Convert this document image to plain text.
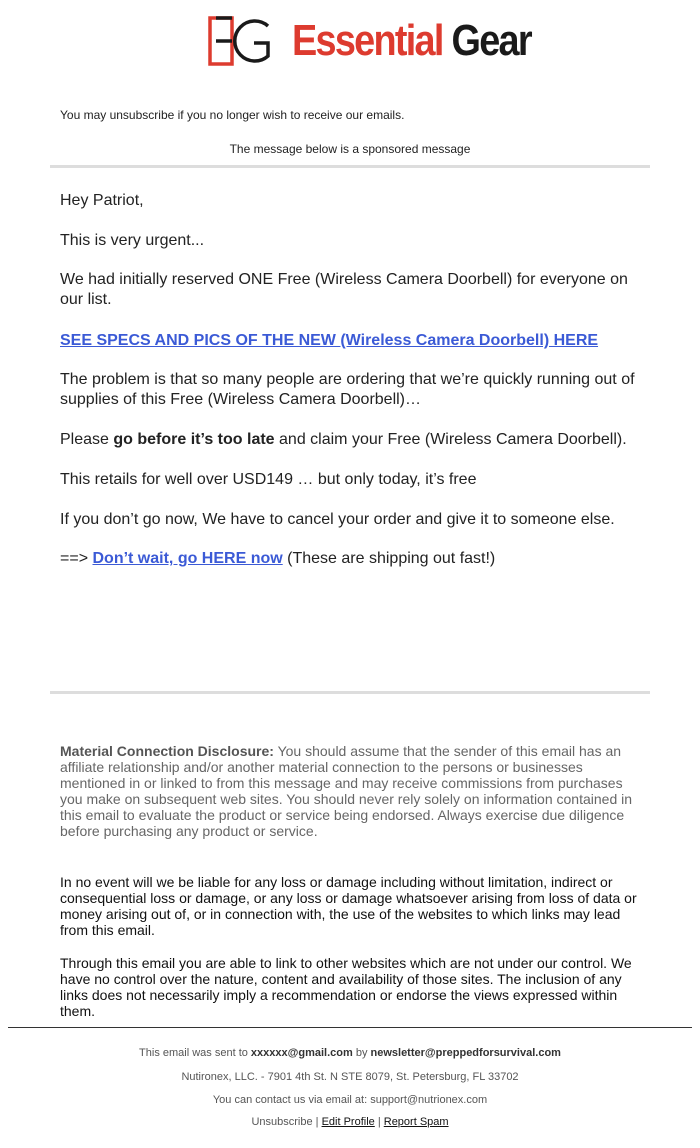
Essential Gear
You may unsubscribe if you no longer wish to receive our emails.
The message below is a sponsored message

Hey Patriot,

This is very urgent...

We had initially reserved ONE Free (Wireless Camera Doorbell) for everyone on our list.

SEE SPECS AND PICS OF THE NEW (Wireless Camera Doorbell) HERE

The problem is that so many people are ordering that we’re quickly running out of supplies of this Free (Wireless Camera Doorbell)…

Please go before it’s too late and claim your Free (Wireless Camera Doorbell).

This retails for well over USD149 … but only today, it’s free

If you don’t go now, We have to cancel your order and give it to someone else.

==> Don’t wait, go HERE now (These are shipping out fast!)

Material Connection Disclosure: You should assume that the sender of this email has an affiliate relationship and/or another material connection to the persons or businesses mentioned in or linked to from this message and may receive commissions from purchases you make on subsequent web sites. You should never rely solely on information contained in this email to evaluate the product or service being endorsed. Always exercise due diligence before purchasing any product or service.

In no event will we be liable for any loss or damage including without limitation, indirect or consequential loss or damage, or any loss or damage whatsoever arising from loss of data or money arising out of, or in connection with, the use of the websites to which links may lead from this email.

Through this email you are able to link to other websites which are not under our control. We have no control over the nature, content and availability of those sites. The inclusion of any links does not necessarily imply a recommendation or endorse the views expressed within them.

This email was sent to xxxxxx@gmail.com by newsletter@preppedforsurvival.com
Nutironex, LLC. - 7901 4th St. N STE 8079, St. Petersburg, FL 33702
You can contact us via email at: support@nutrionex.com
Unsubscribe | Edit Profile | Report Spam
